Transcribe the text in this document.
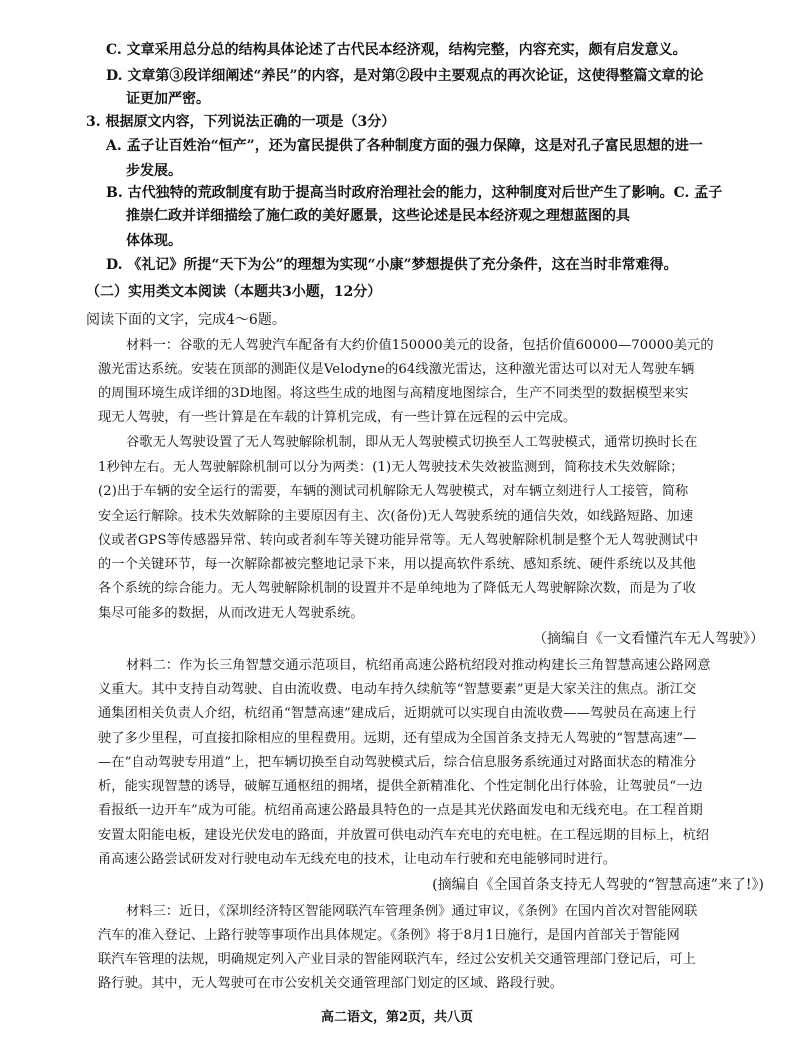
C. 文章采用总分总的结构具体论述了古代民本经济观，结构完整，内容充实，颇有启发意义。
D. 文章第③段详细阐述“养民”的内容，是对第②段中主要观点的再次论证，这使得整篇文章的论
证更加严密。
3. 根据原文内容，下列说法正确的一项是（3分）
A. 孟子让百姓治“恒产”，还为富民提供了各种制度方面的强力保障，这是对孔子富民思想的进一
步发展。
B. 古代独特的荒政制度有助于提高当时政府治理社会的能力，这种制度对后世产生了影响。C. 孟子
推崇仁政并详细描绘了施仁政的美好愿景，这些论述是民本经济观之理想蓝图的具
体体现。
D. 《礼记》所提“天下为公”的理想为实现“小康”梦想提供了充分条件，这在当时非常难得。
（二）实用类文本阅读（本题共3小题，12分）
阅读下面的文字，完成4～6题。
材料一：谷歌的无人驾驶汽车配备有大约价值150000美元的设备，包括价值60000—70000美元的
激光雷达系统。安装在顶部的测距仪是Velodyne的64线激光雷达，这种激光雷达可以对无人驾驶车辆
的周围环境生成详细的3D地图。将这些生成的地图与高精度地图综合，生产不同类型的数据模型来实
现无人驾驶，有一些计算是在车载的计算机完成，有一些计算在远程的云中完成。
谷歌无人驾驶设置了无人驾驶解除机制，即从无人驾驶模式切换至人工驾驶模式，通常切换时长在
1秒钟左右。无人驾驶解除机制可以分为两类：(1)无人驾驶技术失效被监测到，简称技术失效解除；
(2)出于车辆的安全运行的需要，车辆的测试司机解除无人驾驶模式，对车辆立刻进行人工接管，简称
安全运行解除。技术失效解除的主要原因有主、次(备份)无人驾驶系统的通信失效，如线路短路、加速
仪或者GPS等传感器异常、转向或者刹车等关键功能异常等。无人驾驶解除机制是整个无人驾驶测试中
的一个关键环节，每一次解除都被完整地记录下来，用以提高软件系统、感知系统、硬件系统以及其他
各个系统的综合能力。无人驾驶解除机制的设置并不是单纯地为了降低无人驾驶解除次数，而是为了收
集尽可能多的数据，从而改进无人驾驶系统。
（摘编自《一文看懂汽车无人驾驶》）
材料二：作为长三角智慧交通示范项目，杭绍甬高速公路杭绍段对推动构建长三角智慧高速公路网意
义重大。其中支持自动驾驶、自由流收费、电动车持久续航等“智慧要素”更是大家关注的焦点。浙江交
通集团相关负责人介绍，杭绍甬“智慧高速”建成后，近期就可以实现自由流收费——驾驶员在高速上行
驶了多少里程，可直接扣除相应的里程费用。远期，还有望成为全国首条支持无人驾驶的“智慧高速”—
—在“自动驾驶专用道”上，把车辆切换至自动驾驶模式后，综合信息服务系统通过对路面状态的精准分
析，能实现智慧的诱导，破解互通枢纽的拥堵，提供全新精准化、个性定制化出行体验，让驾驶员“一边
看报纸一边开车”成为可能。杭绍甬高速公路最具特色的一点是其光伏路面发电和无线充电。在工程首期
安置太阳能电板，建设光伏发电的路面，并放置可供电动汽车充电的充电桩。在工程远期的目标上，杭绍
甬高速公路尝试研发对行驶电动车无线充电的技术，让电动车行驶和充电能够同时进行。
(摘编自《全国首条支持无人驾驶的“智慧高速”来了!》)
材料三：近日，《深圳经济特区智能网联汽车管理条例》通过审议，《条例》在国内首次对智能网联
汽车的准入登记、上路行驶等事项作出具体规定。《条例》将于8月1日施行，是国内首部关于智能网
联汽车管理的法规，明确规定列入产业目录的智能网联汽车，经过公安机关交通管理部门登记后，可上
路行驶。其中，无人驾驶可在市公安机关交通管理部门划定的区域、路段行驶。
高二语文，第2页，共八页
